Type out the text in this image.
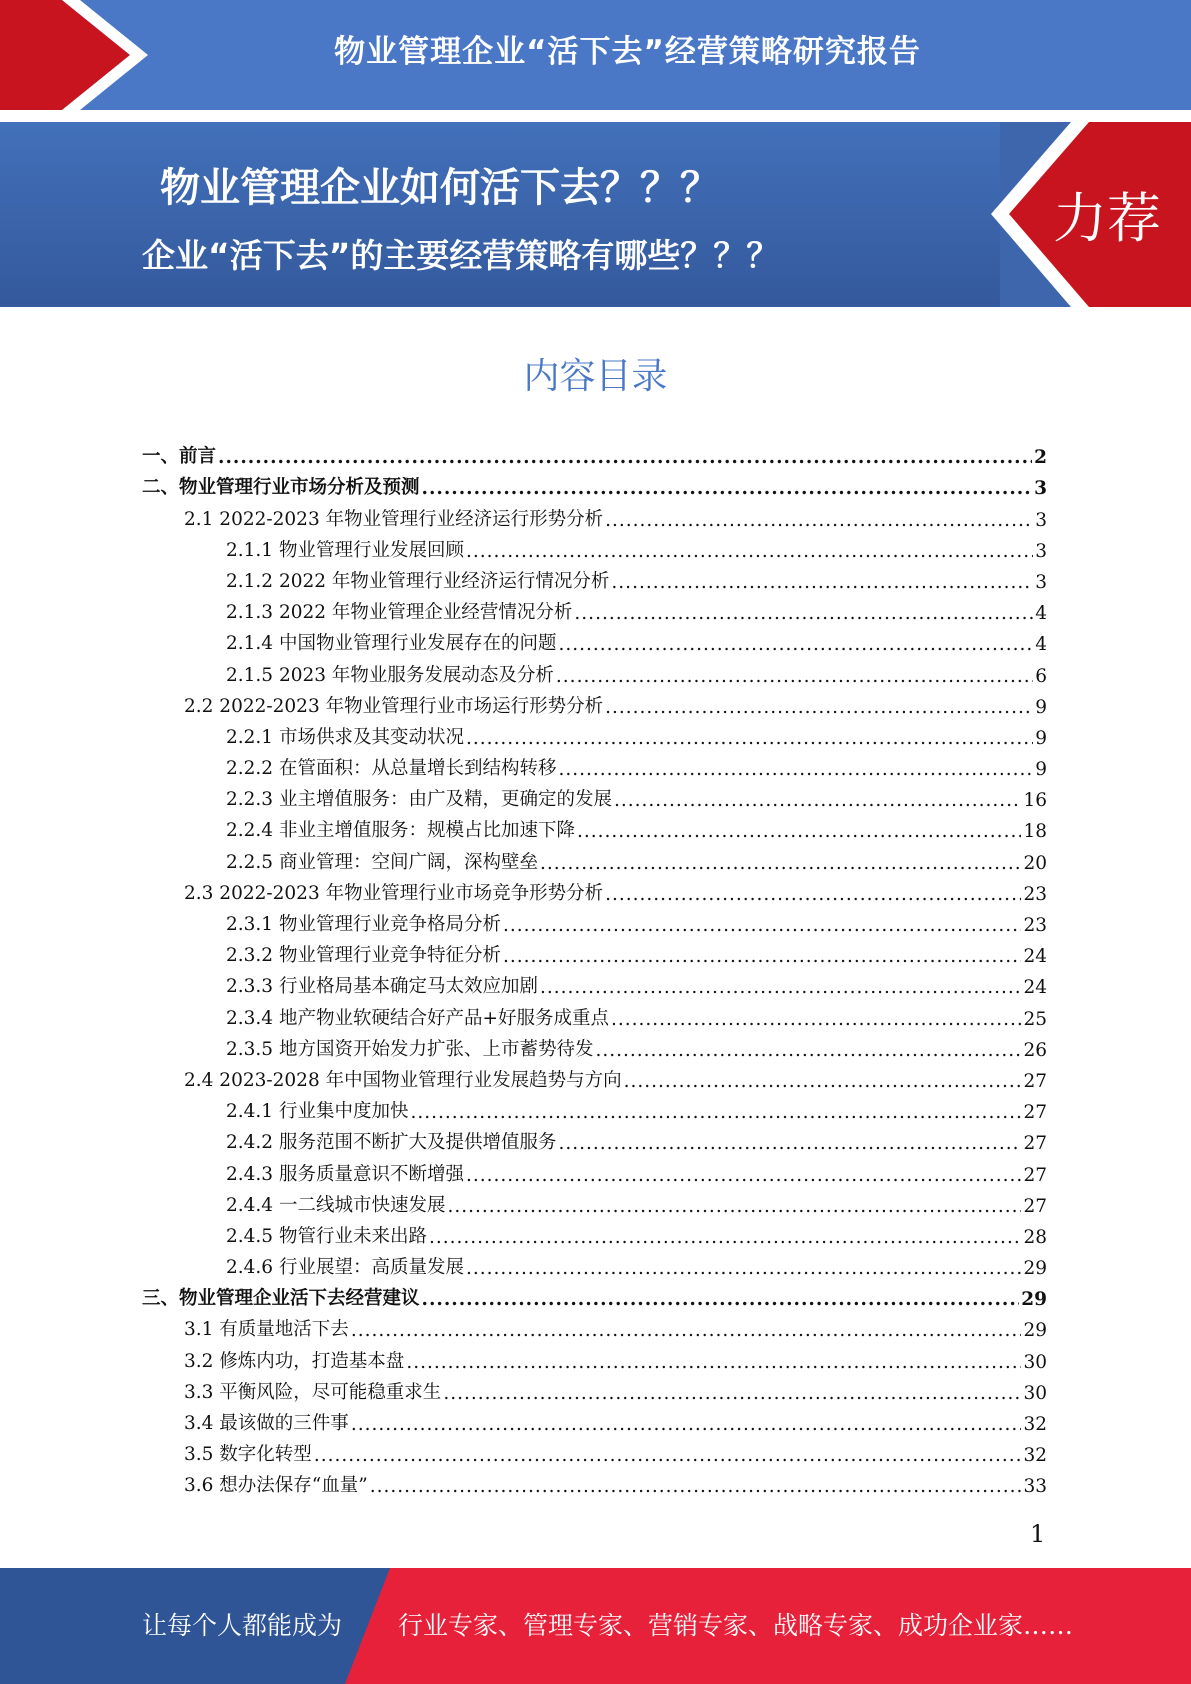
物业管理企业“活下去”经营策略研究报告
物业管理企业如何活下去？？？
企业“活下去”的主要经营策略有哪些？？？
力荐
内容目录
一、前言 .....	2
二、物业管理行业市场分析及预测 .....	3
2.1 2022-2023 年物业管理行业经济运行形势分析 .....	3
2.1.1 物业管理行业发展回顾 .....	3
2.1.2 2022 年物业管理行业经济运行情况分析 .....	3
2.1.3 2022 年物业管理企业经营情况分析 .....	4
2.1.4 中国物业管理行业发展存在的问题 .....	4
2.1.5 2023 年物业服务发展动态及分析 .....	6
2.2 2022-2023 年物业管理行业市场运行形势分析 .....	9
2.2.1 市场供求及其变动状况 .....	9
2.2.2 在管面积：从总量增长到结构转移 .....	9
2.2.3 业主增值服务：由广及精，更确定的发展 .....	16
2.2.4 非业主增值服务：规模占比加速下降 .....	18
2.2.5 商业管理：空间广阔，深构壁垒 .....	20
2.3 2022-2023 年物业管理行业市场竞争形势分析 .....	23
2.3.1 物业管理行业竞争格局分析 .....	23
2.3.2 物业管理行业竞争特征分析 .....	24
2.3.3 行业格局基本确定马太效应加剧 .....	24
2.3.4 地产物业软硬结合好产品+好服务成重点 .....	25
2.3.5 地方国资开始发力扩张、上市蓄势待发 .....	26
2.4 2023-2028 年中国物业管理行业发展趋势与方向 .....	27
2.4.1 行业集中度加快 .....	27
2.4.2 服务范围不断扩大及提供增值服务 .....	27
2.4.3 服务质量意识不断增强 .....	27
2.4.4 一二线城市快速发展 .....	27
2.4.5 物管行业未来出路 .....	28
2.4.6 行业展望：高质量发展 .....	29
三、物业管理企业活下去经营建议 .....	29
3.1 有质量地活下去 .....	29
3.2 修炼内功，打造基本盘 .....	30
3.3 平衡风险，尽可能稳重求生 .....	30
3.4 最该做的三件事 .....	32
3.5 数字化转型 .....	32
3.6 想办法保存“血量” .....	33
1
让每个人都能成为 行业专家、管理专家、营销专家、战略专家、成功企业家……
